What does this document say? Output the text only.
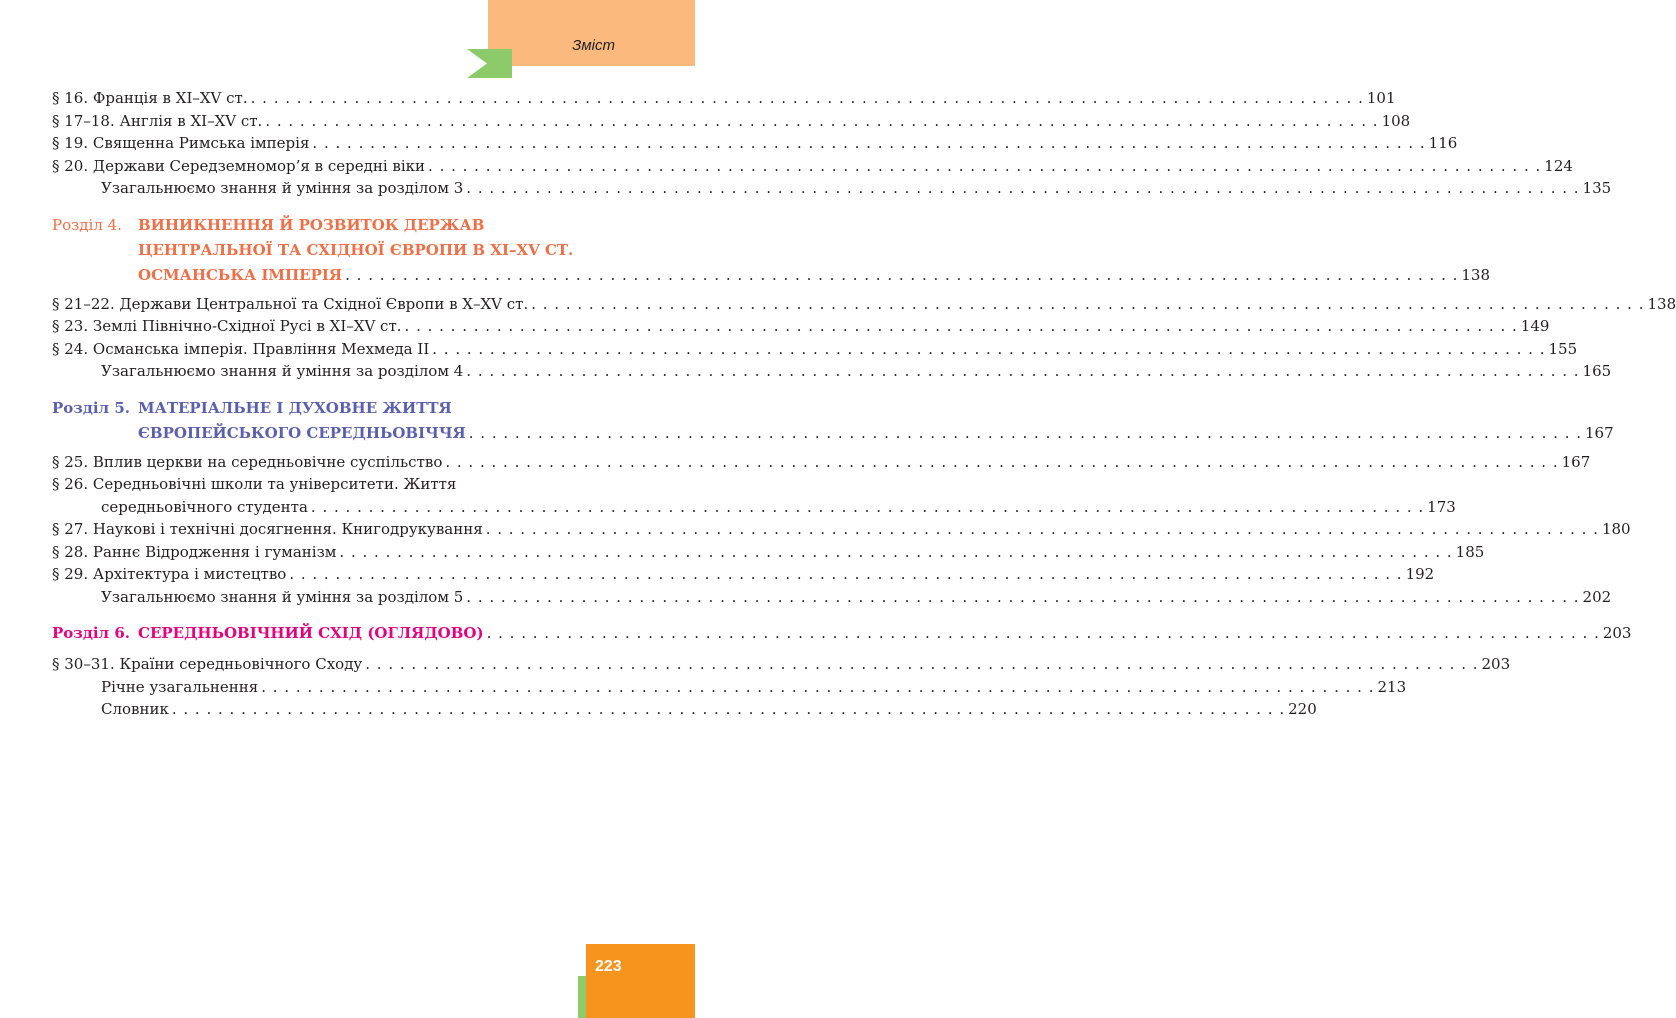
Зміст
§ 16. Франція в XI–XV ст. . . .	101
§ 17–18. Англія в XI–XV ст. . . .	108
§ 19. Священна Римська імперія . . .	116
§ 20. Держави Середземномор’я в середні віки . . .	124
Узагальнюємо знання й уміння за розділом 3 . . .	135
Розділ 4.	ВИНИКНЕННЯ Й РОЗВИТОК ДЕРЖАВ
ЦЕНТРАЛЬНОЇ ТА СХІДНОЇ ЄВРОПИ В XI–XV СТ.
ОСМАНСЬКА ІМПЕРІЯ . . .	138
§ 21–22. Держави Центральної та Східної Європи в X–XV ст. . . .	138
§ 23. Землі Північно-Східної Русі в XI–XV ст. . . .	149
§ 24. Османська імперія. Правління Мехмеда II . . .	155
Узагальнюємо знання й уміння за розділом 4 . . .	165
Розділ 5. МАТЕРІАЛЬНЕ І ДУХОВНЕ ЖИТТЯ
ЄВРОПЕЙСЬКОГО СЕРЕДНЬОВІЧЧЯ . . .	167
§ 25. Вплив церкви на середньовічне суспільство . . .	167
§ 26. Середньовічні школи та університети. Життя
середньовічного студента . . .	173
§ 27. Наукові і технічні досягнення. Книгодрукування . . .	180
§ 28. Раннє Відродження і гуманізм . . .	185
§ 29. Архітектура і мистецтво . . .	192
Узагальнюємо знання й уміння за розділом 5 . . .	202
Розділ 6. СЕРЕДНЬОВІЧНИЙ СХІД (ОГЛЯДОВО) . . .	203
§ 30–31. Країни середньовічного Сходу . . .	203
Річне узагальнення . . .	213
Словник . . .	220
223
